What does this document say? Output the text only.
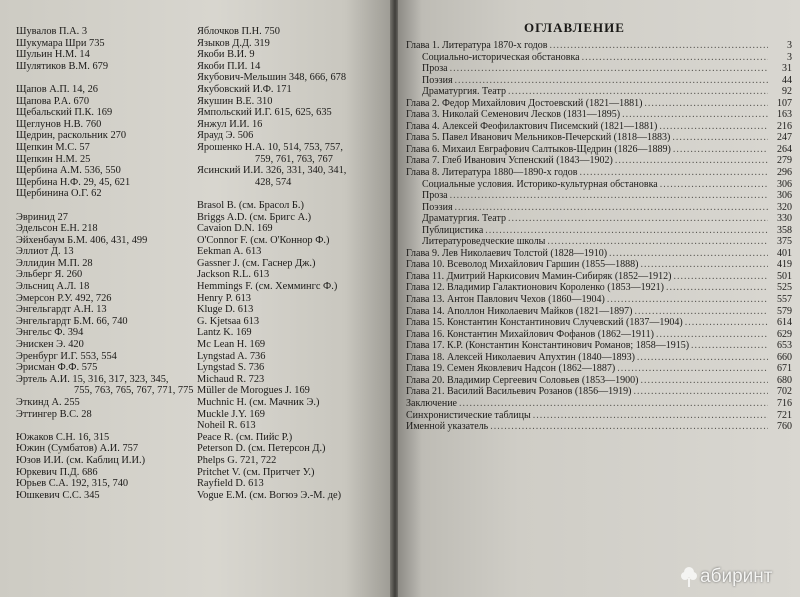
Шувалов П.А. 3
Шукумара Шри 735
Шульин Н.М. 14
Шулятиков В.М. 679
Щапов А.П. 14, 26
Щапова Р.А. 670
Щебальский П.К. 169
Щеглунов Н.В. 760
Щедрин, раскольник 270
Щепкин М.С. 57
Щепкин Н.М. 25
Щербина А.М. 536, 550
Щербина Н.Ф. 29, 45, 621
Щербинина О.Г. 62
Эвринид 27
Эдельсон Е.Н. 218
Эйхенбаум Б.М. 406, 431, 499
Эллиот Д. 13
Эллидин М.П. 28
Эльберг Я. 260
Эльсниц А.Л. 18
Эмерсон Р.У. 492, 726
Энгельгардт А.Н. 13
Энгельгардт Б.М. 66, 740
Энгельс Ф. 394
Энискен Э. 420
Эренбург И.Г. 553, 554
Эрисман Ф.Ф. 575
Эртель А.И. 15, 316, 317, 323, 345,
755, 763, 765, 767, 771, 775
Эткинд А. 255
Эттингер В.С. 28
Южаков С.Н. 16, 315
Южин (Сумбатов) А.И. 757
Юзов И.И. (см. Каблиц И.И.)
Юркевич П.Д. 686
Юрьев С.А. 192, 315, 740
Юшкевич С.С. 345
Яблочков П.Н. 750
Языков Д.Д. 319
Якоби В.И. 9
Якоби П.И. 14
Якубович-Мельшин 348, 666, 678
Якубовский И.Ф. 171
Якушин В.Е. 310
Ямпольский И.Г. 615, 625, 635
Янжул И.И. 16
Ярауд Э. 506
Ярошенко Н.А. 10, 514, 753, 757,
759, 761, 763, 767
Ясинский И.И. 326, 331, 340, 341,
428, 574
Brasol B. (см. Брасол Б.)
Briggs A.D. (см. Бригс А.)
Cavaion D.N. 169
O'Connor F. (см. О'Коннор Ф.)
Eekman A. 613
Gassner J. (см. Гаснер Дж.)
Jackson R.L. 613
Hemmings F. (см. Хеммингс Ф.)
Henry P. 613
Kluge D. 613
G. Kjetsaa 613
Lantz K. 169
Mc Lean H. 169
Lyngstad A. 736
Lyngstad S. 736
Michaud R. 723
Müller de Morogues J. 169
Muchnic H. (см. Мачник Э.)
Muckle J.Y. 169
Noheil R. 613
Peace R. (см. Пийс Р.)
Peterson D. (см. Петерсон Д.)
Phelps G. 721, 722
Pritchet V. (см. Притчет У.)
Rayfield D. 613
Vogue E.M. (см. Вогюэ Э.-М. де)
ОГЛАВЛЕНИЕ
Глава 1. Литература 1870-х годов .....	3
Социально-историческая обстановка .....	3
Проза .....	31
Поэзия .....	44
Драматургия. Театр .....	92
Глава 2. Федор Михайлович Достоевский (1821—1881) .....	107
Глава 3. Николай Семенович Лесков (1831—1895) .....	163
Глава 4. Алексей Феофилактович Писемский (1821—1881) .....	216
Глава 5. Павел Иванович Мельников-Печерский (1818—1883) .....	247
Глава 6. Михаил Евграфович Салтыков-Щедрин (1826—1889) .....	264
Глава 7. Глеб Иванович Успенский (1843—1902) .....	279
Глава 8. Литература 1880—1890-х годов .....	296
Социальные условия. Историко-культурная обстановка .....	306
Проза .....	306
Поэзия .....	320
Драматургия. Театр .....	330
Публицистика .....	358
Литературоведческие школы .....	375
Глава 9. Лев Николаевич Толстой (1828—1910) .....	401
Глава 10. Всеволод Михайлович Гаршин (1855—1888) .....	419
Глава 11. Дмитрий Наркисович Мамин-Сибиряк (1852—1912) .....	501
Глава 12. Владимир Галактионович Короленко (1853—1921) .....	525
Глава 13. Антон Павлович Чехов (1860—1904) .....	557
Глава 14. Аполлон Николаевич Майков (1821—1897) .....	579
Глава 15. Константин Константинович Случевский (1837—1904) .....	614
Глава 16. Константин Михайлович Фофанов (1862—1911) .....	629
Глава 17. К.Р. (Константин Константинович Романов; 1858—1915) .....	653
Глава 18. Алексей Николаевич Апухтин (1840—1893) .....	660
Глава 19. Семен Яковлевич Надсон (1862—1887) .....	671
Глава 20. Владимир Сергеевич Соловьев (1853—1900) .....	680
Глава 21. Василий Васильевич Розанов (1856—1919) .....	702
Заключение .....	716
Синхронистические таблицы .....	721
Именной указатель .....	760
абиринт
